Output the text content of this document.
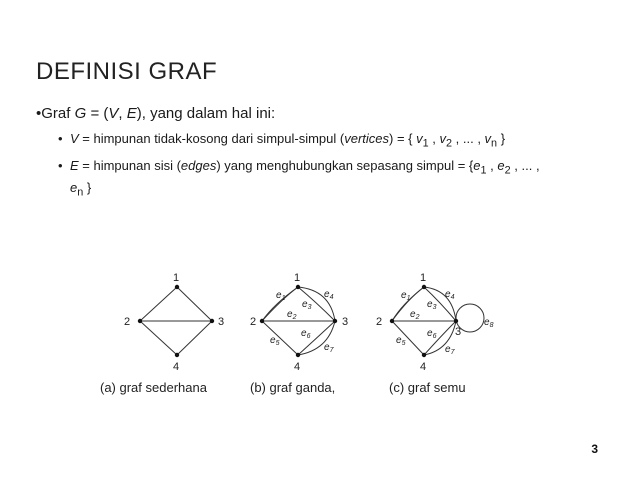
DEFINISI GRAF
•Graf G = (V, E), yang dalam hal ini:
• V = himpunan tidak-kosong dari simpul-simpul (vertices) = { $v_1$ , $v_2$ , ... , $v_n$ }
• E = himpunan sisi (edges) yang menghubungkan sepasang simpul = {$e_1$ , $e_2$ , ... ,
$e_n$ }
1
2	3
4
1
2	3
4
$e_1$
$e_2$
$e_3$
$e_4$
$e_5$
$e_6$
$e_7$
1
2
3
4
$e_1$
$e_2$
$e_3$
$e_4$
$e_5$
$e_6$
$e_7$
$e_8$
(a) graf sederhana	(b) graf ganda,	(c) graf semu
3
